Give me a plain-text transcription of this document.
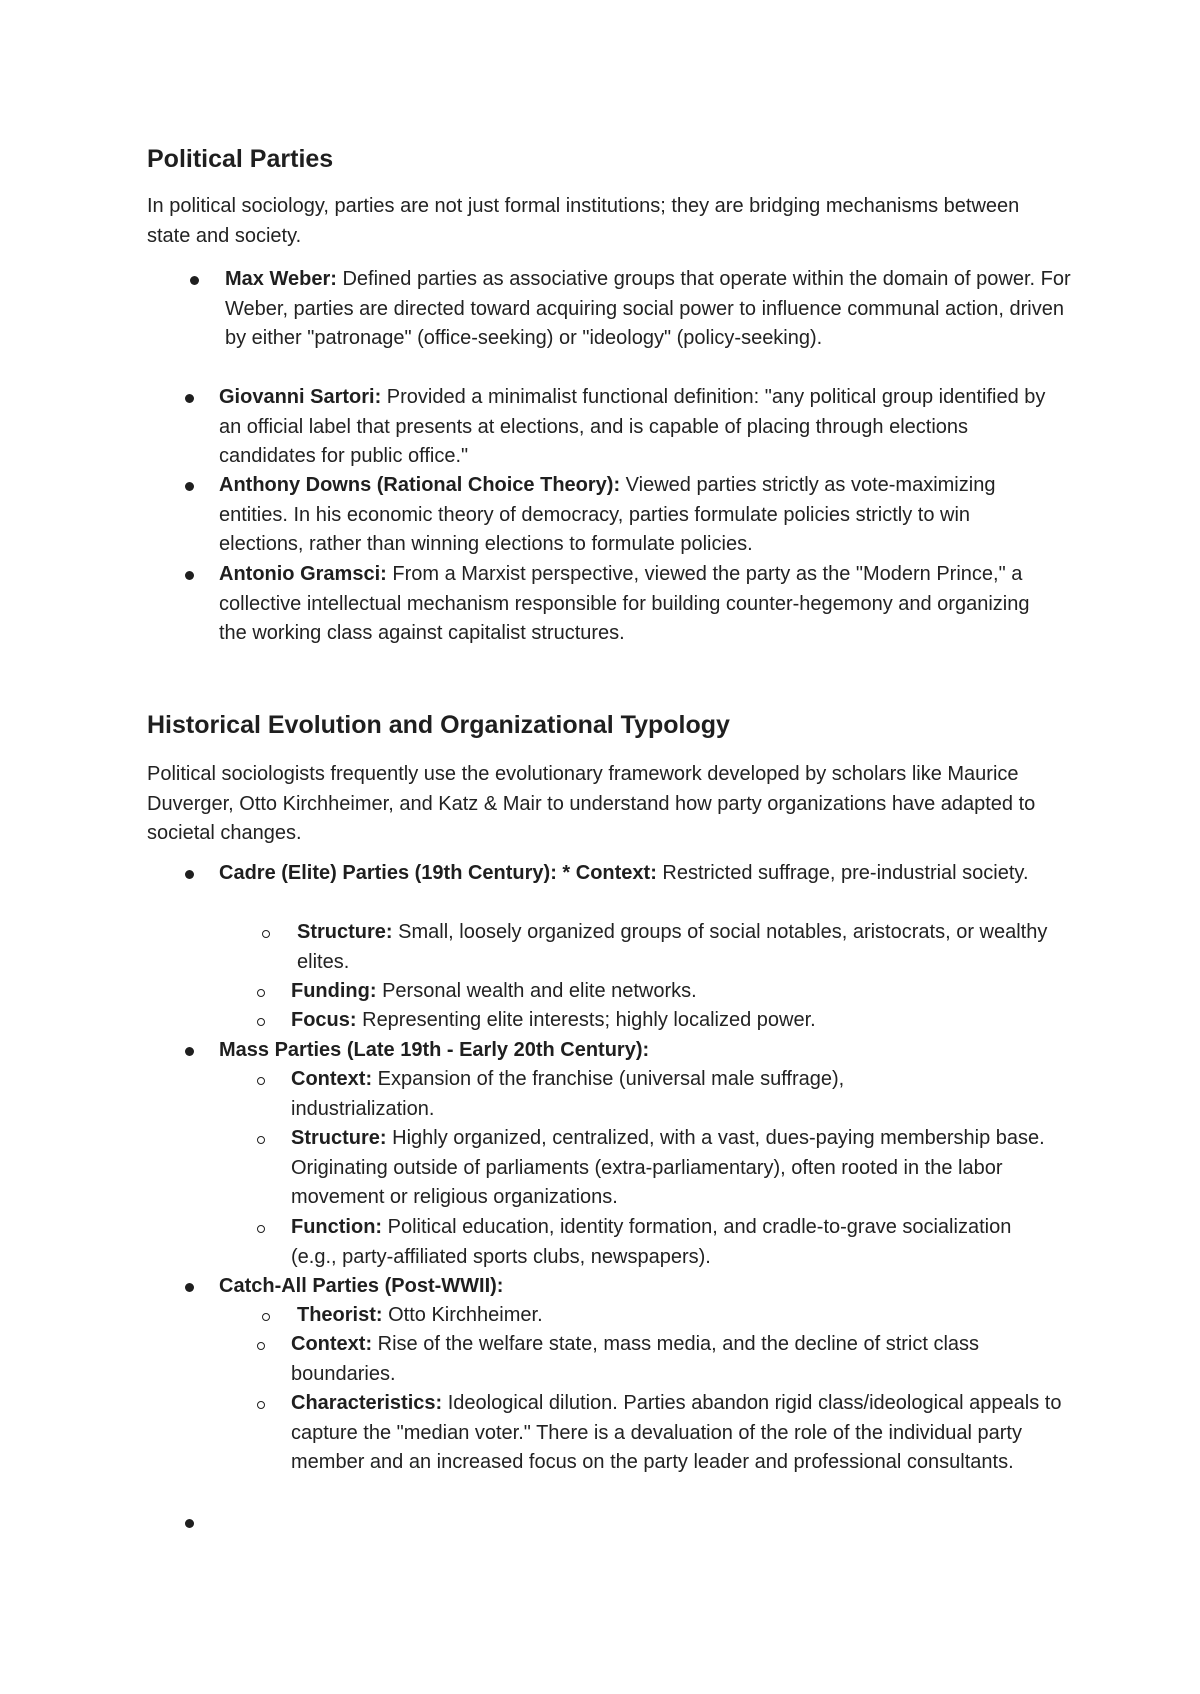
Political Parties

In political sociology, parties are not just formal institutions; they are bridging mechanisms between state and society.

Max Weber: Defined parties as associative groups that operate within the domain of power. For Weber, parties are directed toward acquiring social power to influence communal action, driven by either "patronage" (office-seeking) or "ideology" (policy-seeking).

Giovanni Sartori: Provided a minimalist functional definition: "any political group identified by an official label that presents at elections, and is capable of placing through elections candidates for public office."

Anthony Downs (Rational Choice Theory): Viewed parties strictly as vote-maximizing entities. In his economic theory of democracy, parties formulate policies strictly to win elections, rather than winning elections to formulate policies.

Antonio Gramsci: From a Marxist perspective, viewed the party as the "Modern Prince," a collective intellectual mechanism responsible for building counter-hegemony and organizing the working class against capitalist structures.

Historical Evolution and Organizational Typology

Political sociologists frequently use the evolutionary framework developed by scholars like Maurice Duverger, Otto Kirchheimer, and Katz & Mair to understand how party organizations have adapted to societal changes.

Cadre (Elite) Parties (19th Century): * Context: Restricted suffrage, pre-industrial society.

Structure: Small, loosely organized groups of social notables, aristocrats, or wealthy elites.

Funding: Personal wealth and elite networks.

Focus: Representing elite interests; highly localized power.

Mass Parties (Late 19th - Early 20th Century):

Context: Expansion of the franchise (universal male suffrage), industrialization.

Structure: Highly organized, centralized, with a vast, dues-paying membership base. Originating outside of parliaments (extra-parliamentary), often rooted in the labor movement or religious organizations.

Function: Political education, identity formation, and cradle-to-grave socialization (e.g., party-affiliated sports clubs, newspapers).

Catch-All Parties (Post-WWII):

Theorist: Otto Kirchheimer.

Context: Rise of the welfare state, mass media, and the decline of strict class boundaries.

Characteristics: Ideological dilution. Parties abandon rigid class/ideological appeals to capture the "median voter." There is a devaluation of the role of the individual party member and an increased focus on the party leader and professional consultants.
